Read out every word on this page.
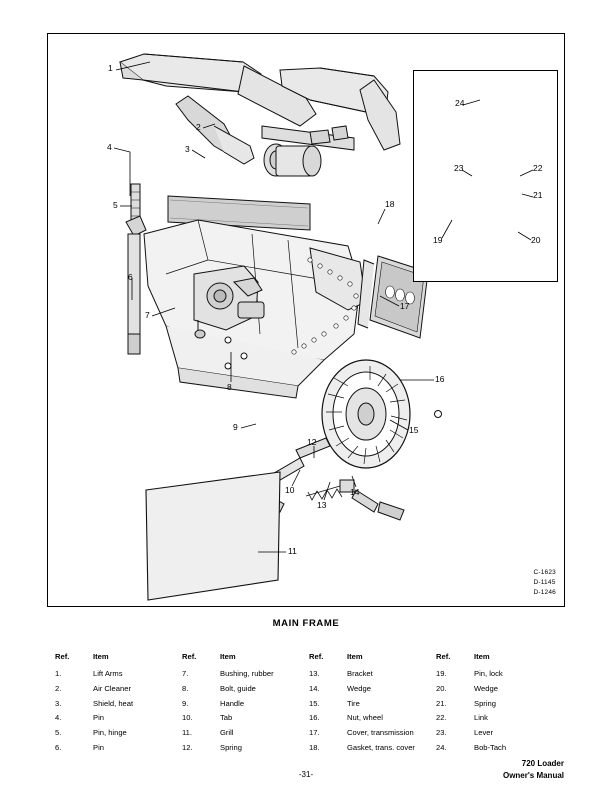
C-1623
D-1145
D-1246
1
2
3
4
5
6
7
8
9
10
11
12
13
14
15
16
17
18
19	20
21
22
23
24
MAIN FRAME
Ref.	Item
1.	Lift Arms
2.	Air Cleaner
3.	Shield, heat
4.	Pin
5.	Pin, hinge
6.	Pin
Ref.	Item
7.	Bushing, rubber
8.	Bolt, guide
9.	Handle
10.	Tab
11.	Grill
12.	Spring
Ref.	Item
13.	Bracket
14.	Wedge
15.	Tire
16.	Nut, wheel
17.	Cover, transmission
18.	Gasket, trans. cover
Ref.	Item
19.	Pin, lock
20.	Wedge
21.	Spring
22.	Link
23.	Lever
24.	Bob-Tach
720 Loader
Owner's Manual
-31-
